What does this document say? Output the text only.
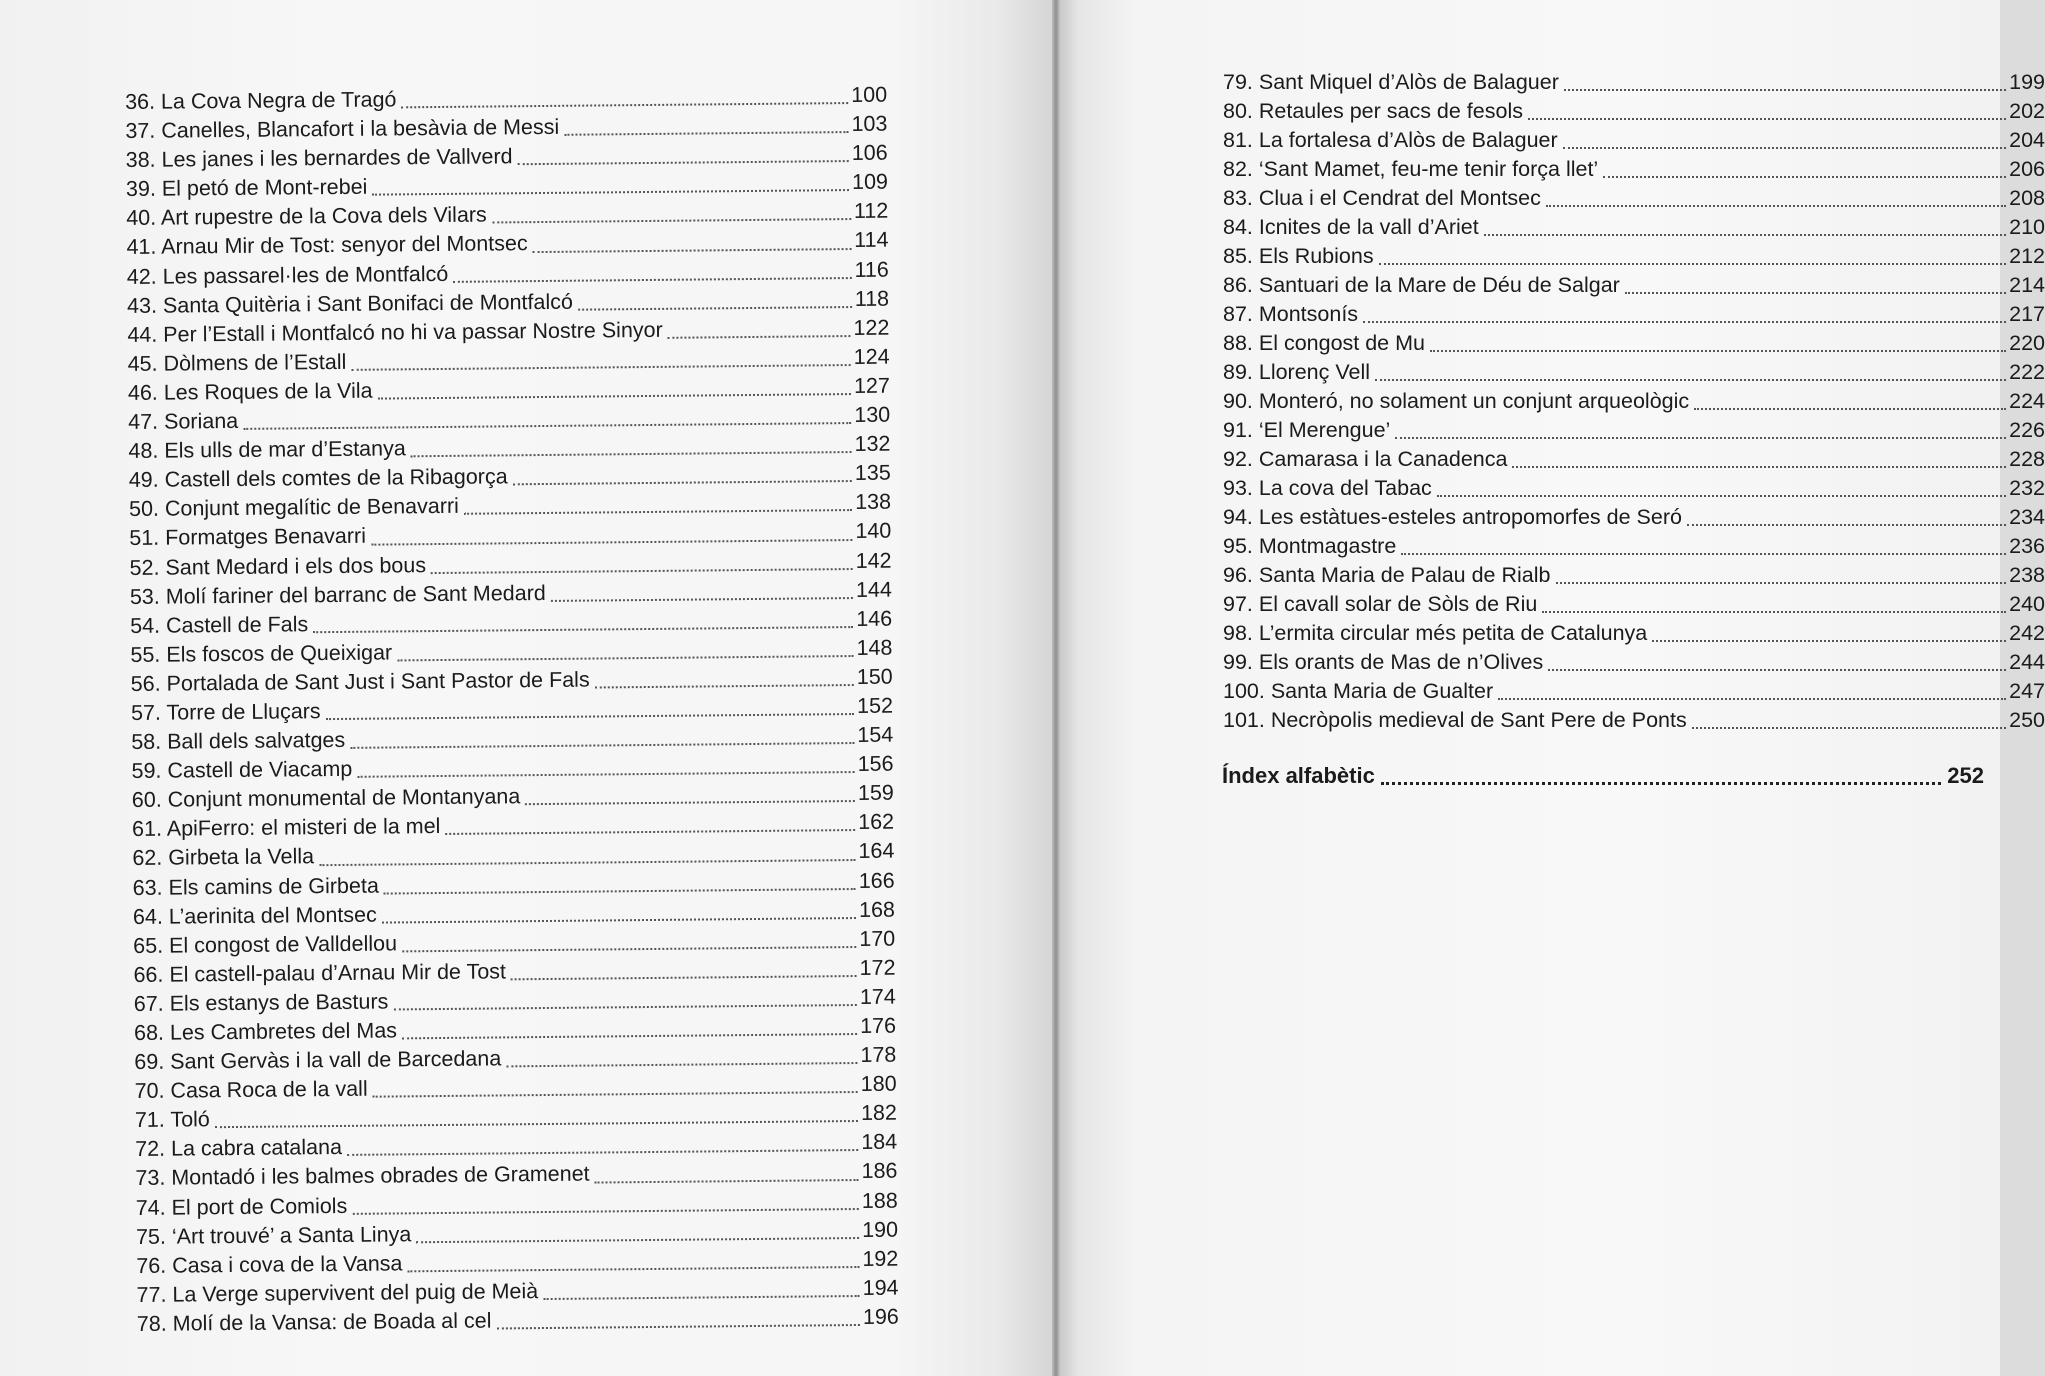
36. La Cova Negra de Tragó	100
37. Canelles, Blancafort i la besàvia de Messi	103
38. Les janes i les bernardes de Vallverd	106
39. El petó de Mont-rebei	109
40. Art rupestre de la Cova dels Vilars	112
41. Arnau Mir de Tost: senyor del Montsec	114
42. Les passarel·les de Montfalcó	116
43. Santa Quitèria i Sant Bonifaci de Montfalcó	118
44. Per l’Estall i Montfalcó no hi va passar Nostre Sinyor	122
45. Dòlmens de l’Estall	124
46. Les Roques de la Vila	127
47. Soriana	130
48. Els ulls de mar d’Estanya	132
49. Castell dels comtes de la Ribagorça	135
50. Conjunt megalític de Benavarri	138
51. Formatges Benavarri	140
52. Sant Medard i els dos bous	142
53. Molí fariner del barranc de Sant Medard	144
54. Castell de Fals	146
55. Els foscos de Queixigar	148
56. Portalada de Sant Just i Sant Pastor de Fals	150
57. Torre de Lluçars	152
58. Ball dels salvatges	154
59. Castell de Viacamp	156
60. Conjunt monumental de Montanyana	159
61. ApiFerro: el misteri de la mel	162
62. Girbeta la Vella	164
63. Els camins de Girbeta	166
64. L’aerinita del Montsec	168
65. El congost de Valldellou	170
66. El castell-palau d’Arnau Mir de Tost	172
67. Els estanys de Basturs	174
68. Les Cambretes del Mas	176
69. Sant Gervàs i la vall de Barcedana	178
70. Casa Roca de la vall	180
71. Toló	182
72. La cabra catalana	184
73. Montadó i les balmes obrades de Gramenet	186
74. El port de Comiols	188
75. ‘Art trouvé’ a Santa Linya	190
76. Casa i cova de la Vansa	192
77. La Verge supervivent del puig de Meià	194
78. Molí de la Vansa: de Boada al cel	196
79. Sant Miquel d’Alòs de Balaguer	199
80. Retaules per sacs de fesols	202
81. La fortalesa d’Alòs de Balaguer	204
82. ‘Sant Mamet, feu-me tenir força llet’	206
83. Clua i el Cendrat del Montsec	208
84. Icnites de la vall d’Ariet	210
85. Els Rubions	212
86. Santuari de la Mare de Déu de Salgar	214
87. Montsonís	217
88. El congost de Mu	220
89. Llorenç Vell	222
90. Monteró, no solament un conjunt arqueològic	224
91. ‘El Merengue’	226
92. Camarasa i la Canadenca	228
93. La cova del Tabac	232
94. Les estàtues-esteles antropomorfes de Seró	234
95. Montmagastre	236
96. Santa Maria de Palau de Rialb	238
97. El cavall solar de Sòls de Riu	240
98. L’ermita circular més petita de Catalunya	242
99. Els orants de Mas de n’Olives	244
100. Santa Maria de Gualter	247
101. Necròpolis medieval de Sant Pere de Ponts	250
Índex alfabètic	252
